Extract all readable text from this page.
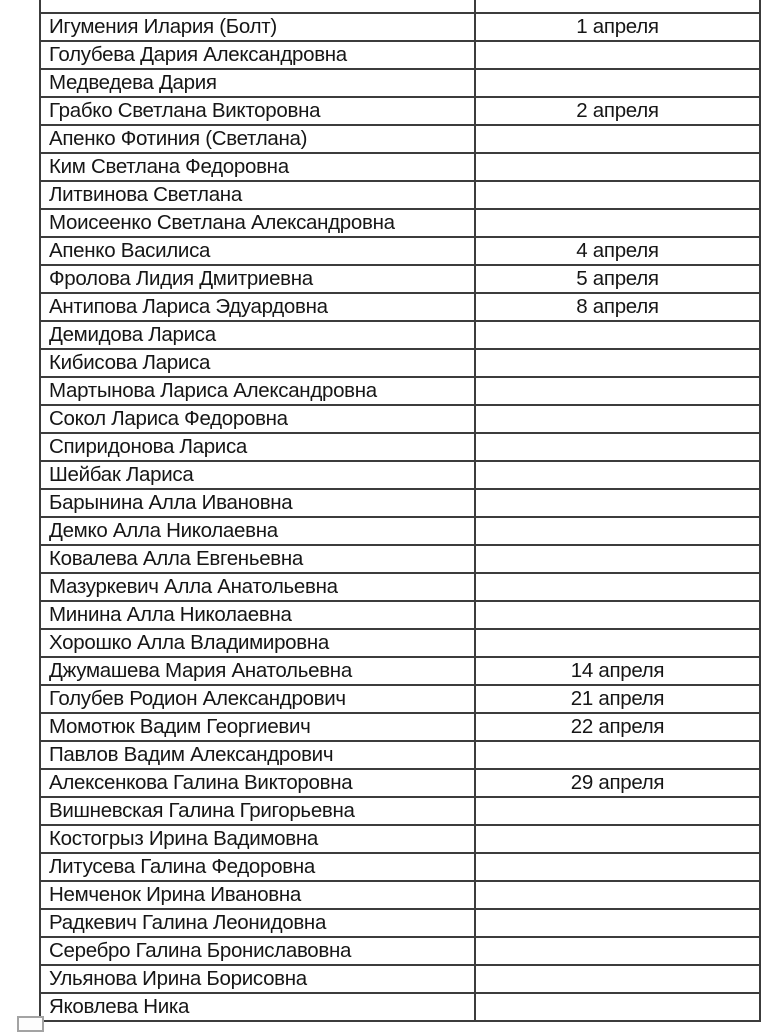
Игумения Илария (Болт)	1 апреля
Голубева Дария Александровна	
Медведева Дария	
Грабко Светлана Викторовна	2 апреля
Апенко Фотиния (Светлана)	
Ким Светлана Федоровна	
Литвинова Светлана	
Моисеенко Светлана Александровна	
Апенко Василиса	4 апреля
Фролова Лидия Дмитриевна	5 апреля
Антипова Лариса Эдуардовна	8 апреля
Демидова Лариса	
Кибисова Лариса	
Мартынова Лариса Александровна	
Сокол Лариса Федоровна	
Спиридонова Лариса	
Шейбак Лариса	
Барынина Алла Ивановна	
Демко Алла Николаевна	
Ковалева Алла Евгеньевна	
Мазуркевич Алла Анатольевна	
Минина Алла Николаевна	
Хорошко Алла Владимировна	
Джумашева Мария Анатольевна	14 апреля
Голубев Родион Александрович	21 апреля
Момотюк Вадим Георгиевич	22 апреля
Павлов Вадим Александрович	
Алексенкова Галина Викторовна	29 апреля
Вишневская Галина Григорьевна	
Костогрыз Ирина Вадимовна	
Литусева Галина Федоровна	
Немченок Ирина Ивановна	
Радкевич Галина Леонидовна	
Серебро Галина Брониславовна	
Ульянова Ирина Борисовна	
Яковлева Ника	
